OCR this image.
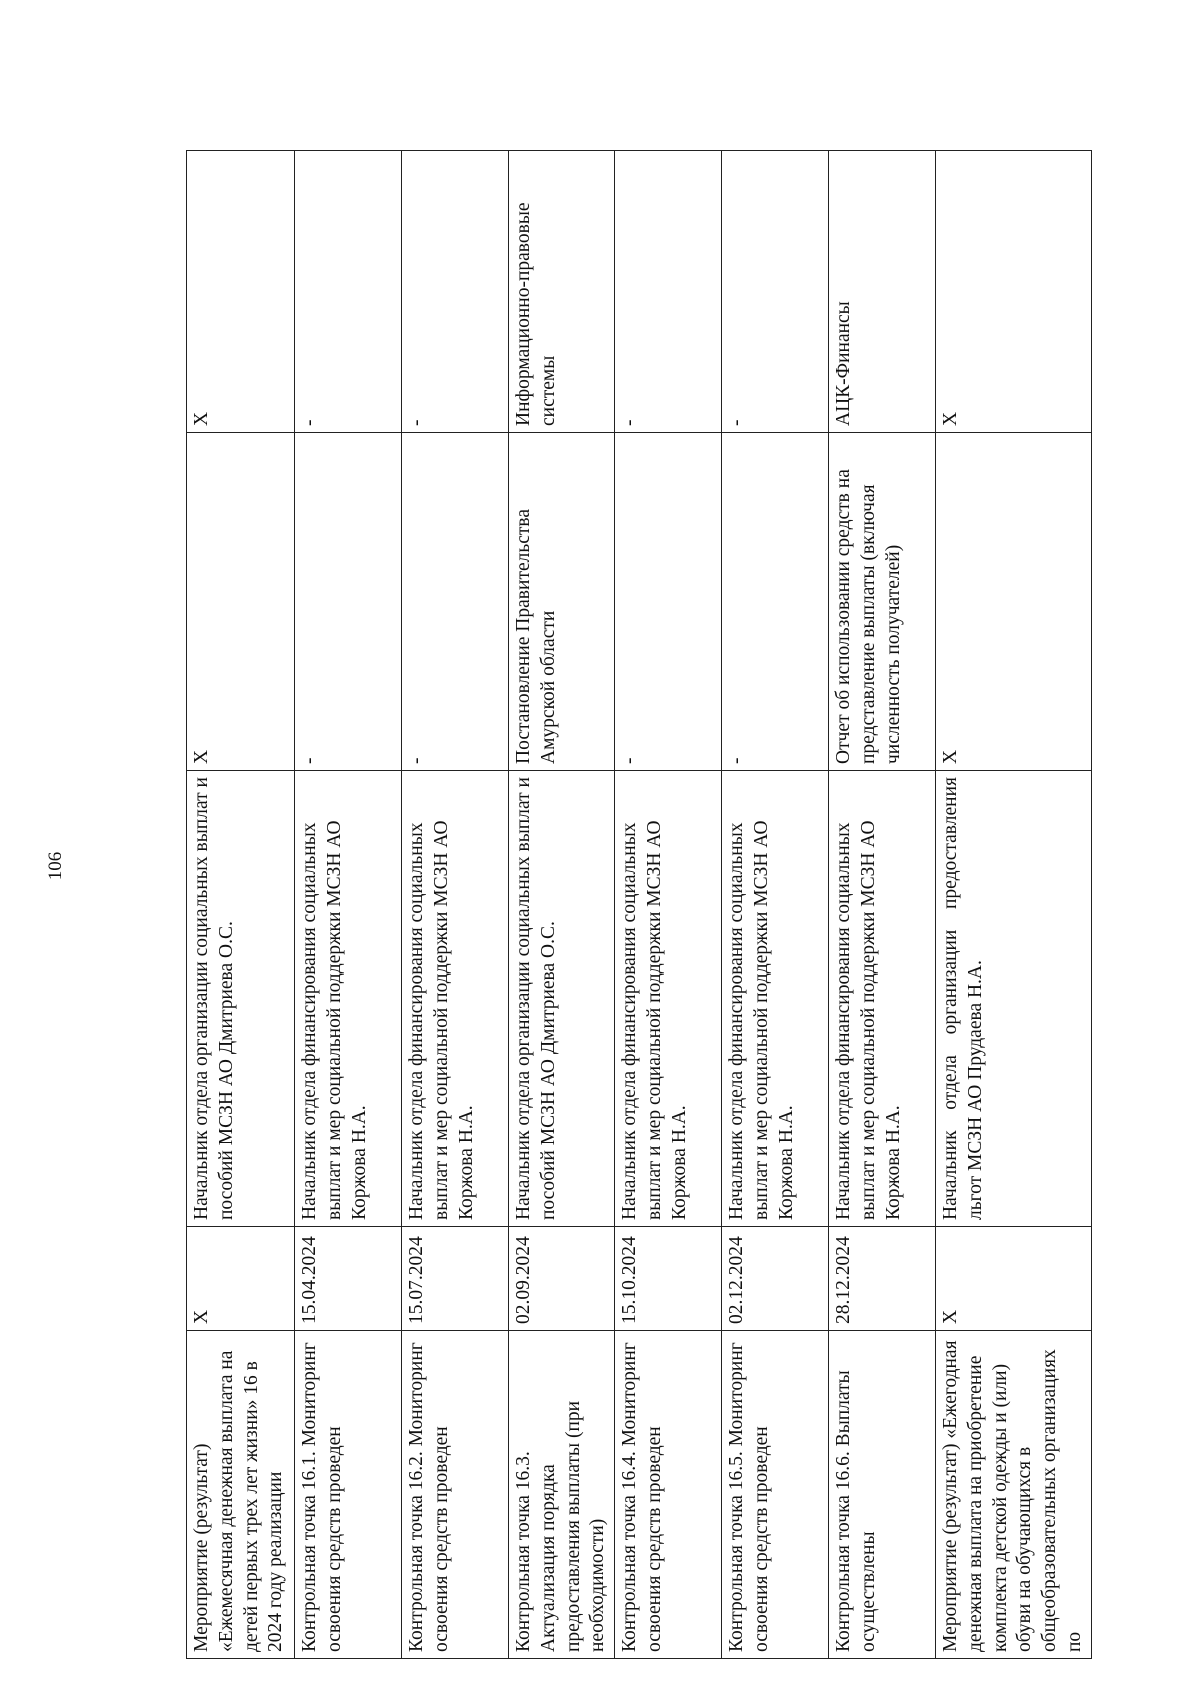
106
Мероприятие (результат) «Ежемесячная денежная выплата на детей первых трех лет жизни» 16 в 2024 году реализации	X	Начальник отдела организации социальных выплат и пособий МСЗН АО Дмитриева О.С.	X	X
Контрольная точка 16.1. Мониторинг освоения средств проведен	15.04.2024	Начальник отдела финансирования социальных выплат и мер социальной поддержки МСЗН АО Коржова Н.А.	-	-
Контрольная точка 16.2. Мониторинг освоения средств проведен	15.07.2024	Начальник отдела финансирования социальных выплат и мер социальной поддержки МСЗН АО Коржова Н.А.	-	-
Контрольная точка 16.3. Актуализация порядка предоставления выплаты (при необходимости)	02.09.2024	Начальник отдела организации социальных выплат и пособий МСЗН АО Дмитриева О.С.	Постановление Правительства Амурской области	Информационно-правовые системы
Контрольная точка 16.4. Мониторинг освоения средств проведен	15.10.2024	Начальник отдела финансирования социальных выплат и мер социальной поддержки МСЗН АО Коржова Н.А.	-	-
Контрольная точка 16.5. Мониторинг освоения средств проведен	02.12.2024	Начальник отдела финансирования социальных выплат и мер социальной поддержки МСЗН АО Коржова Н.А.	-	-
Контрольная точка 16.6. Выплаты осуществлены	28.12.2024	Начальник отдела финансирования социальных выплат и мер социальной поддержки МСЗН АО Коржова Н.А.	Отчет об использовании средств на представление выплаты (включая численность получателей)	АЦК-Финансы
Мероприятие (результат) «Ежегодная денежная выплата на приобретение комплекта детской одежды и (или) обуви на обучающихся в общеобразовательных организациях по	X	Начальник отдела организации предоставления льгот МСЗН АО Прудаева Н.А.	X	X
